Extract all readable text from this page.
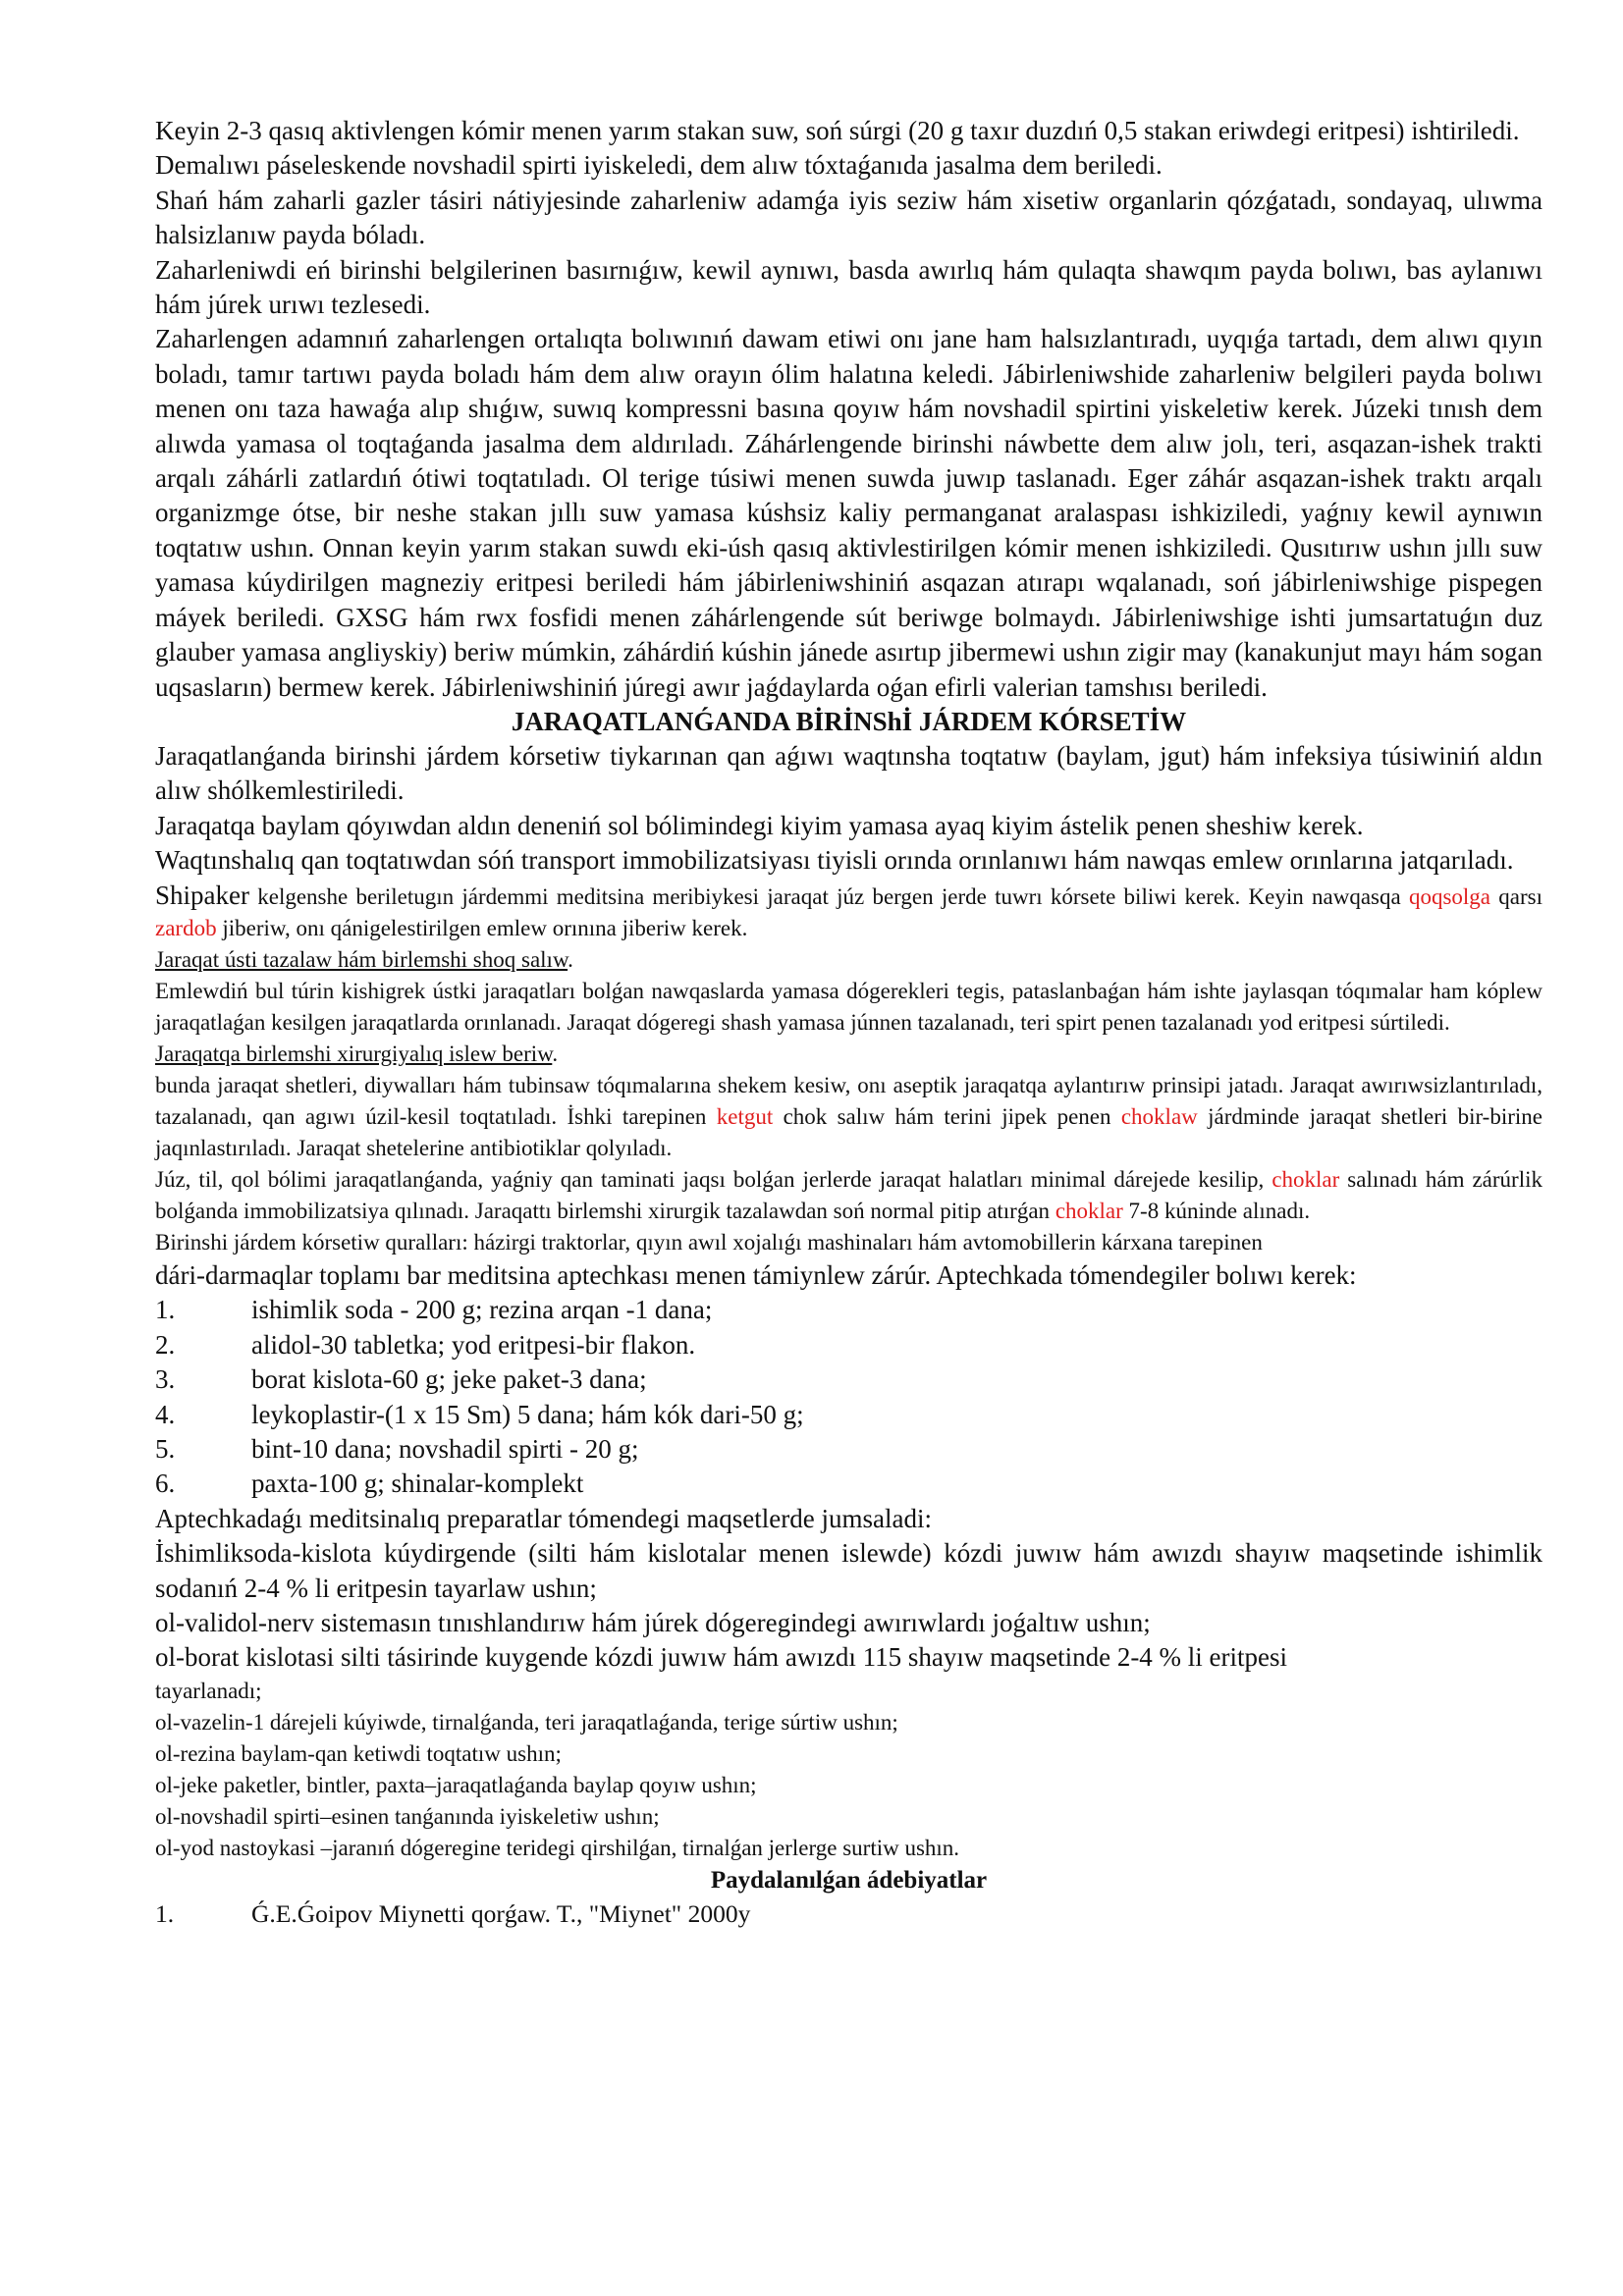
Keyin 2-3 qasıq aktivlengen kómir menen yarım stakan suw, soń súrgi (20 g taxır duzdıń 0,5 stakan eriwdegi eritpesi) ishtiriledi.

Demalıwı páseleskende novshadil spirti iyiskeledi, dem alıw tóxtaǵanıda jasalma dem beriledi.

Shań hám zaharli gazler tásiri nátiyjesinde zaharleniw adamǵa iyis seziw hám xisetiw organlarin qózǵatadı, sondayaq, ulıwma halsizlanıw payda bóladı.

Zaharleniwdi eń birinshi belgilerinen basırnıǵıw, kewil aynıwı, basda awırlıq hám qulaqta shawqım payda bolıwı, bas aylanıwı hám júrek urıwı tezlesedi.

Zaharlengen adamnıń zaharlengen ortalıqta bolıwınıń dawam etiwi onı jane ham halsızlantıradı, uyqıǵa tartadı, dem alıwı qıyın boladı, tamır tartıwı payda boladı hám dem alıw orayın ólim halatına keledi. Jábirleniwshide zaharleniw belgileri payda bolıwı menen onı taza hawaǵa alıp shıǵıw, suwıq kompressni basına qoyıw hám novshadil spirtini yiskeletiw kerek. Júzeki tınısh dem alıwda yamasa ol toqtaǵanda jasalma dem aldırıladı. Záhárlengende birinshi náwbette dem alıw jolı, teri, asqazan-ishek trakti arqalı záhárli zatlardıń ótiwi toqtatıladı. Ol terige túsiwi menen suwda juwıp taslanadı. Eger záhár asqazan-ishek traktı arqalı organizmge ótse, bir neshe stakan jıllı suw yamasa kúshsiz kaliy permanganat aralaspası ishkiziledi, yaǵnıy kewil aynıwın toqtatıw ushın. Onnan keyin yarım stakan suwdı eki-úsh qasıq aktivlestirilgen kómir menen ishkiziledi. Qusıtırıw ushın jıllı suw yamasa kúydirilgen magneziy eritpesi beriledi hám jábirleniwshiniń asqazan atırapı wqalanadı, soń jábirleniwshige pispegen máyek beriledi. GXSG hám rwx fosfidi menen záhárlengende sút beriwge bolmaydı. Jábirleniwshige ishti jumsartatuǵın duz glauber yamasa angliyskiy) beriw múmkin, záhárdiń kúshin jánede asırtıp jibermewi ushın zigir may (kanakunjut mayı hám sogan uqsasların) bermew kerek. Jábirleniwshiniń júregi awır jaǵdaylarda oǵan efirli valerian tamshısı beriledi.

JARAQATLANǴANDA BİRİNShİ JÁRDEM KÓRSETİW

Jaraqatlanǵanda birinshi járdem kórsetiw tiykarınan qan aǵıwı waqtınsha toqtatıw (baylam, jgut) hám infeksiya túsiwiniń aldın alıw shólkemlestiriledi.

Jaraqatqa baylam qóyıwdan aldın deneniń sol bólimindegi kiyim yamasa ayaq kiyim ástelik penen sheshiw kerek.

Waqtınshalıq qan toqtatıwdan sóń transport immobilizatsiyası tiyisli orında orınlanıwı hám nawqas emlew orınlarına jatqarıladı.

Shipaker kelgenshe beriletugın járdemmi meditsina meribiykesi jaraqat júz bergen jerde tuwrı kórsete biliwi kerek. Keyin nawqasqa qoqsolga qarsı zardob jiberiw, onı qánigelestirilgen emlew orınına jiberiw kerek.

Jaraqat ústi tazalaw hám birlemshi shoq salıw.

Emlewdiń bul túrin kishigrek ústki jaraqatları bolǵan nawqaslarda yamasa dógerekleri tegis, pataslanbaǵan hám ishte jaylasqan tóqımalar ham kóplew jaraqatlaǵan kesilgen jaraqatlarda orınlanadı. Jaraqat dógeregi shash yamasa júnnen tazalanadı, teri spirt penen tazalanadı yod eritpesi súrtiledi.

Jaraqatqa birlemshi xirurgiyalıq islew beriw.

bunda jaraqat shetleri, diywalları hám tubinsaw tóqımalarına shekem kesiw, onı aseptik jaraqatqa aylantırıw prinsipi jatadı. Jaraqat awırıwsizlantırıladı, tazalanadı, qan agıwı úzil-kesil toqtatıladı. İshki tarepinen ketgut chok salıw hám terini jipek penen choklaw járdminde jaraqat shetleri bir-birine jaqınlastırıladı. Jaraqat shetelerine antibiotiklar qolyıladı.

Júz, til, qol bólimi jaraqatlanǵanda, yaǵniy qan taminati jaqsı bolǵan jerlerde jaraqat halatları minimal dárejede kesilip, choklar salınadı hám zárúrlik bolǵanda immobilizatsiya qılınadı. Jaraqattı birlemshi xirurgik tazalawdan soń normal pitip atırǵan choklar 7-8 kúninde alınadı.

Birinshi járdem kórsetiw quralları: házirgi traktorlar, qıyın awıl xojalıǵı mashinaları hám avtomobillerin kárxana tarepinen

dári-darmaqlar toplamı bar meditsina aptechkası menen támiynlew zárúr. Aptechkada tómendegiler bolıwı kerek:

1.	ishimlik soda - 200 g; rezina arqan -1 dana;
2.	alidol-30 tabletka; yod eritpesi-bir flakon.
3.	borat kislota-60 g; jeke paket-3 dana;
4.	leykoplastir-(1 x 15 Sm) 5 dana; hám kók dari-50 g;
5.	bint-10 dana; novshadil spirti - 20 g;
6.	paxta-100 g; shinalar-komplekt

Aptechkadaǵı meditsinalıq preparatlar tómendegi maqsetlerde jumsaladi:

İshimliksoda-kislota kúydirgende (silti hám kislotalar menen islewde) kózdi juwıw hám awızdı shayıw maqsetinde ishimlik sodanıń 2-4 % li eritpesin tayarlaw ushın;

ol-validol-nerv sistemasın tınıshlandırıw hám júrek dógeregindegi awırıwlardı joǵaltıw ushın;

ol-borat kislotasi silti tásirinde kuygende kózdi juwıw hám awızdı 115 shayıw maqsetinde 2-4 % li eritpesi

tayarlanadı;

ol-vazelin-1 dárejeli kúyiwde, tirnalǵanda, teri jaraqatlaǵanda, terige súrtiw ushın;

ol-rezina baylam-qan ketiwdi toqtatıw ushın;

ol-jeke paketler, bintler, paxta–jaraqatlaǵanda baylap qoyıw ushın;

ol-novshadil spirti–esinen tanǵanında iyiskeletiw ushın;

ol-yod nastoykasi –jaranıń dógeregine teridegi qirshilǵan, tirnalǵan jerlerge surtiw ushın.

Paydalanılǵan ádebiyatlar
1.	Ǵ.E.Ǵoipov Miynetti qorǵaw. T., "Miynet" 2000y
